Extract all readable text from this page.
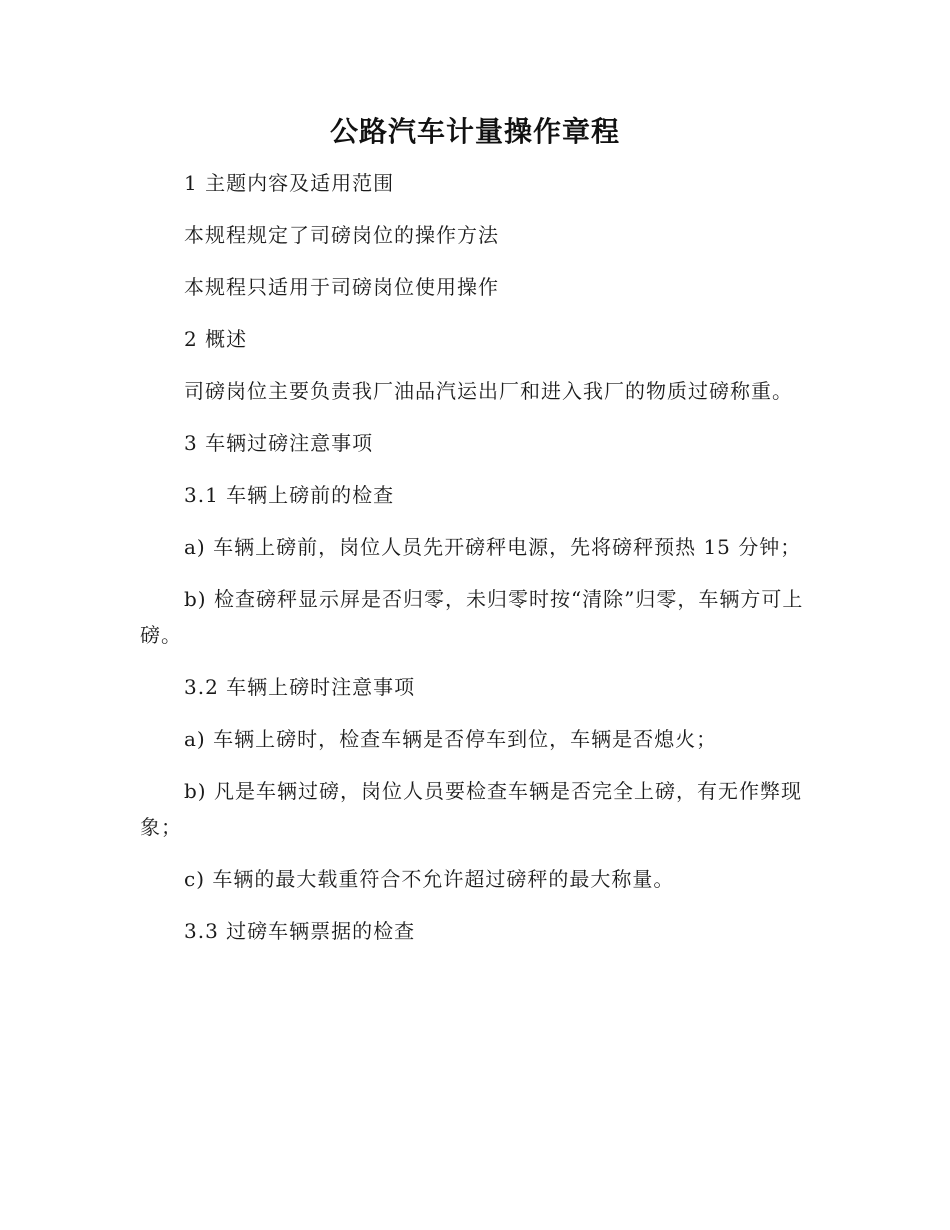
公路汽车计量操作章程

1 主题内容及适用范围

本规程规定了司磅岗位的操作方法

本规程只适用于司磅岗位使用操作

2 概述

司磅岗位主要负责我厂油品汽运出厂和进入我厂的物质过磅称重。

3 车辆过磅注意事项

3.1 车辆上磅前的检查

a) 车辆上磅前，岗位人员先开磅秤电源，先将磅秤预热 15 分钟；

b) 检查磅秤显示屏是否归零，未归零时按“清除”归零，车辆方可上磅。

3.2 车辆上磅时注意事项

a) 车辆上磅时，检查车辆是否停车到位，车辆是否熄火；

b) 凡是车辆过磅，岗位人员要检查车辆是否完全上磅，有无作弊现象；

c) 车辆的最大载重符合不允许超过磅秤的最大称量。

3.3 过磅车辆票据的检查
